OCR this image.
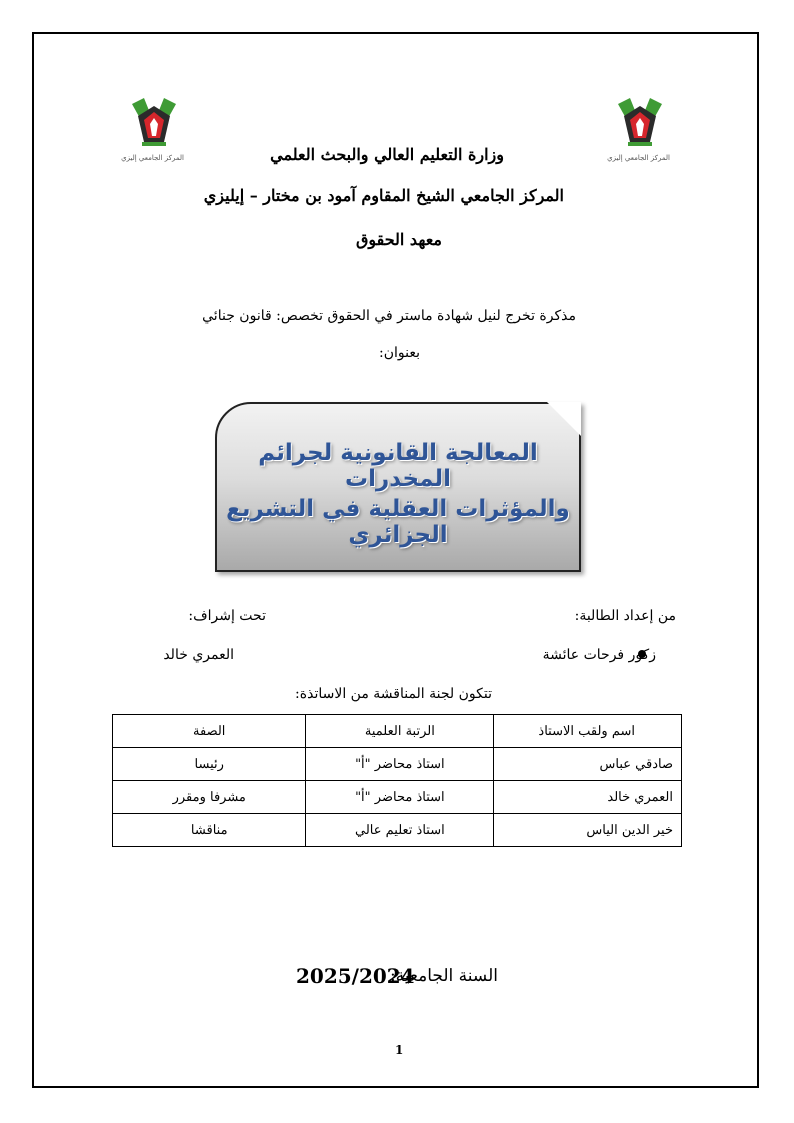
المركز الجامعي إليزي	المركز الجامعي إليزي
وزارة التعليم العالي والبحث العلمي
المركز الجامعي الشيخ المقاوم آمود بن مختار – إيليزي
معهد الحقوق
مذكرة تخرج لنيل شهادة ماستر في الحقوق تخصص: قانون جنائي
بعنوان:
المعالجة القانونية لجرائم المخدرات
والمؤثرات العقلية في التشريع الجزائري
من إعداد الطالبة:
تحت إشراف:
زكور فرحات عائشة
العمري خالد
تتكون لجنة المناقشة من الاساتذة:
اسم ولقب الاستاذ	الرتبة العلمية	الصفة
صادقي عباس	استاذ محاضر "أ"	رئيسا
العمري خالد	استاذ محاضر "أ"	مشرفا ومقرر
خير الدين الياس	استاذ تعليم عالي	مناقشا
السنة الجامعية:
2025/2024
1
